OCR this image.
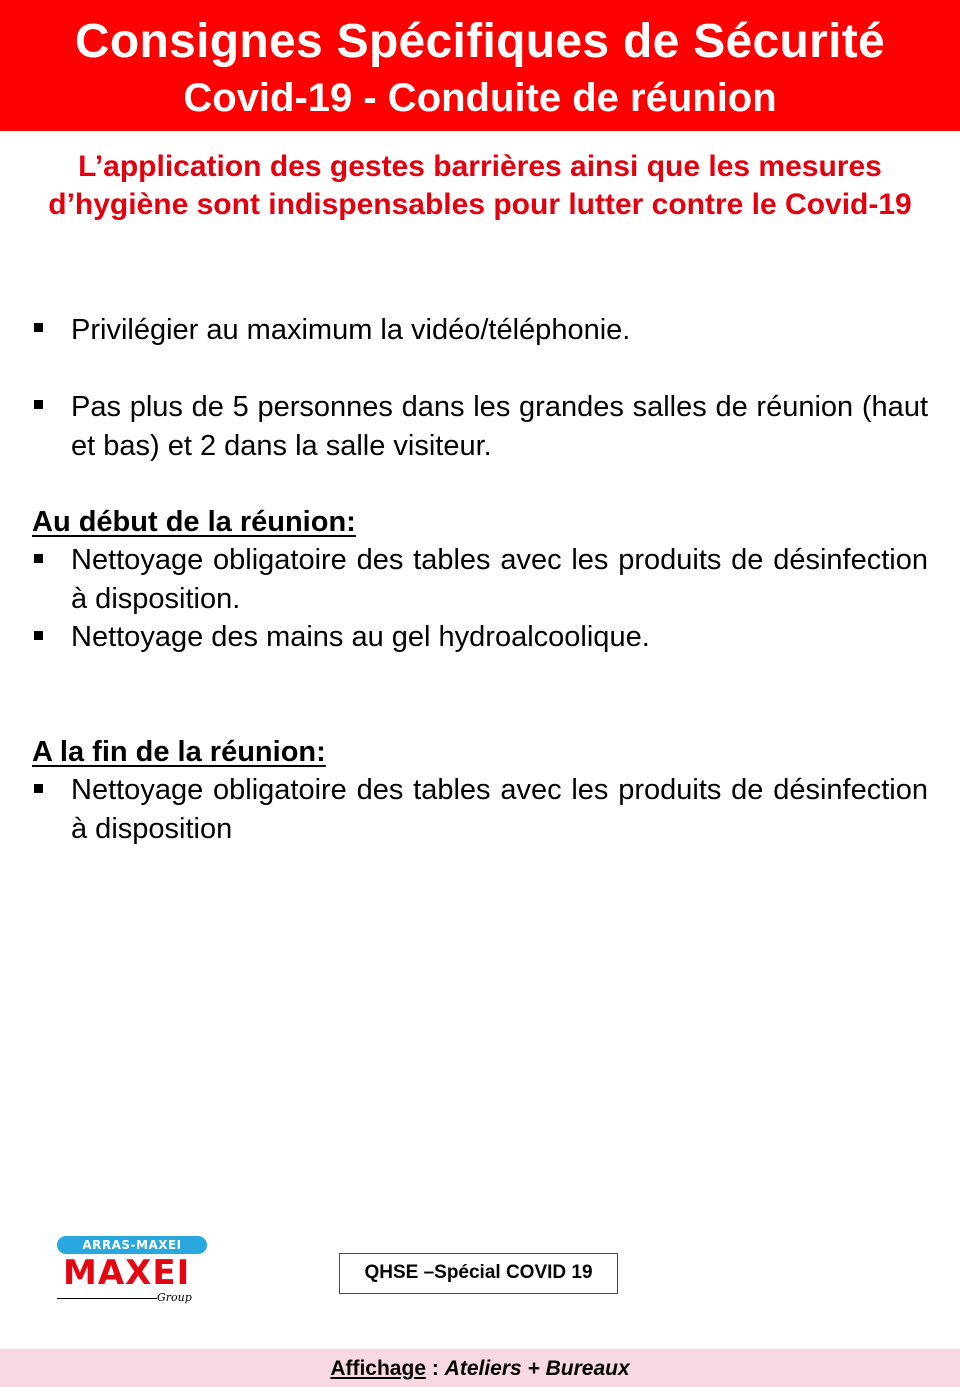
Consignes Spécifiques de Sécurité
Covid-19 - Conduite de réunion
L’application des gestes barrières ainsi que les mesures
d’hygiène sont indispensables pour lutter contre le Covid-19
Privilégier au maximum la vidéo/téléphonie.
Pas plus de 5 personnes dans les grandes salles de réunion (haut et bas) et 2 dans la salle visiteur.
Au début de la réunion:
Nettoyage obligatoire des tables avec les produits de désinfection à disposition.
Nettoyage des mains au gel hydroalcoolique.
A la fin de la réunion:
Nettoyage obligatoire des tables avec les produits de désinfection à disposition
ARRAS-MAXEI
MAXEI
Group
QHSE –Spécial COVID 19
Affichage : Ateliers + Bureaux
